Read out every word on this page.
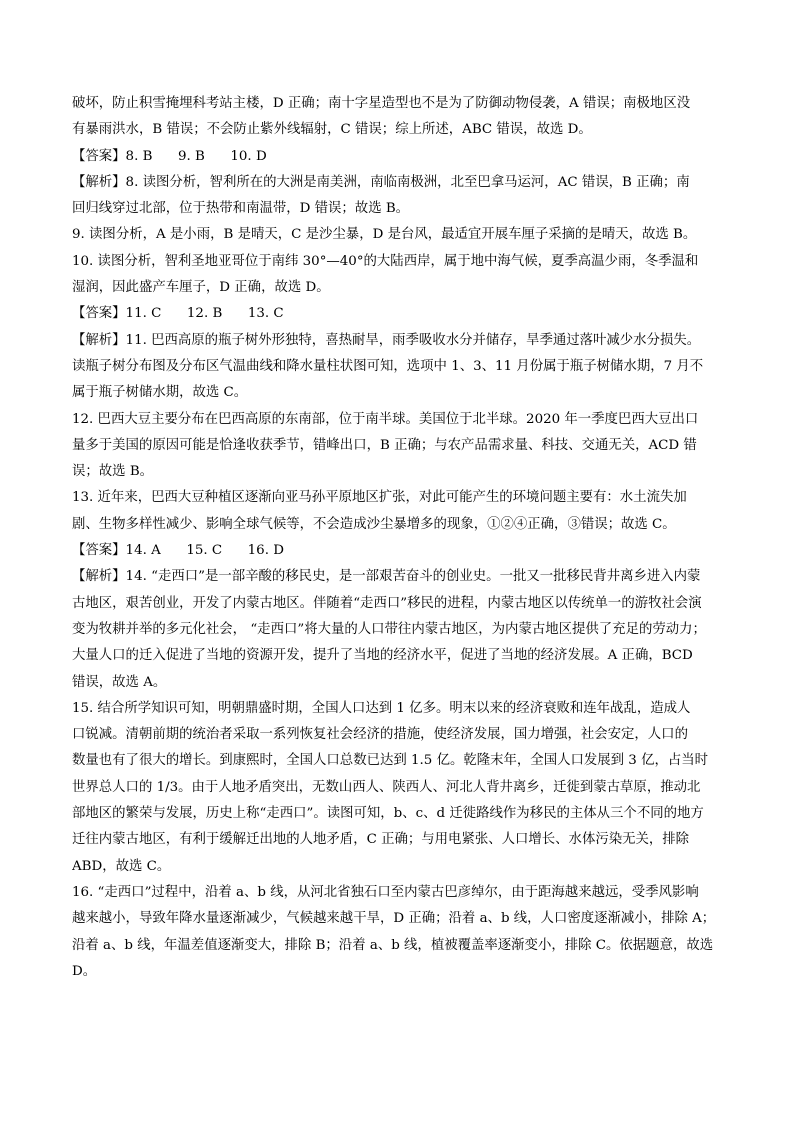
破坏，防止积雪掩埋科考站主楼，D 正确；南十字星造型也不是为了防御动物侵袭，A 错误；南极地区没
有暴雨洪水，B 错误；不会防止紫外线辐射，C 错误；综上所述，ABC 错误，故选 D。
【答案】8. B      9. B      10. D
【解析】8. 读图分析，智利所在的大洲是南美洲，南临南极洲，北至巴拿马运河，AC 错误，B 正确；南
回归线穿过北部，位于热带和南温带，D 错误；故选 B。
9. 读图分析，A 是小雨，B 是晴天，C 是沙尘暴，D 是台风，最适宜开展车厘子采摘的是晴天，故选 B。
10. 读图分析，智利圣地亚哥位于南纬 30°—40°的大陆西岸，属于地中海气候，夏季高温少雨，冬季温和
湿润，因此盛产车厘子，D 正确，故选 D。
【答案】11. C      12. B      13. C
【解析】11. 巴西高原的瓶子树外形独特，喜热耐旱，雨季吸收水分并储存，旱季通过落叶减少水分损失。
读瓶子树分布图及分布区气温曲线和降水量柱状图可知，选项中 1、3、11 月份属于瓶子树储水期，7 月不
属于瓶子树储水期，故选 C。
12. 巴西大豆主要分布在巴西高原的东南部，位于南半球。美国位于北半球。2020 年一季度巴西大豆出口
量多于美国的原因可能是恰逢收获季节，错峰出口，B 正确；与农产品需求量、科技、交通无关，ACD 错
误；故选 B。
13. 近年来，巴西大豆种植区逐渐向亚马孙平原地区扩张，对此可能产生的环境问题主要有：水土流失加
剧、生物多样性减少、影响全球气候等，不会造成沙尘暴增多的现象，①②④正确，③错误；故选 C。
【答案】14. A      15. C      16. D
【解析】14. “走西口”是一部辛酸的移民史，是一部艰苦奋斗的创业史。一批又一批移民背井离乡进入内蒙
古地区，艰苦创业，开发了内蒙古地区。伴随着“走西口”移民的进程，内蒙古地区以传统单一的游牧社会演
变为牧耕并举的多元化社会， “走西口”将大量的人口带往内蒙古地区，为内蒙古地区提供了充足的劳动力；
大量人口的迁入促进了当地的资源开发，提升了当地的经济水平，促进了当地的经济发展。A 正确，BCD
错误，故选 A。
15. 结合所学知识可知，明朝鼎盛时期，全国人口达到 1 亿多。明末以来的经济衰败和连年战乱，造成人
口锐减。清朝前期的统治者采取一系列恢复社会经济的措施，使经济发展，国力增强，社会安定，人口的
数量也有了很大的增长。到康熙时，全国人口总数已达到 1.5 亿。乾隆末年，全国人口发展到 3 亿，占当时
世界总人口的 1/3。由于人地矛盾突出，无数山西人、陕西人、河北人背井离乡，迁徙到蒙古草原，推动北
部地区的繁荣与发展，历史上称“走西口”。读图可知，b、c、d 迁徙路线作为移民的主体从三个不同的地方
迁往内蒙古地区，有利于缓解迁出地的人地矛盾，C 正确；与用电紧张、人口增长、水体污染无关，排除
ABD，故选 C。
16. “走西口”过程中，沿着 a、b 线，从河北省独石口至内蒙古巴彦绰尔，由于距海越来越远，受季风影响
越来越小，导致年降水量逐渐减少，气候越来越干旱，D 正确；沿着 a、b 线，人口密度逐渐减小，排除 A；
沿着 a、b 线，年温差值逐渐变大，排除 B；沿着 a、b 线，植被覆盖率逐渐变小，排除 C。依据题意，故选
D。
